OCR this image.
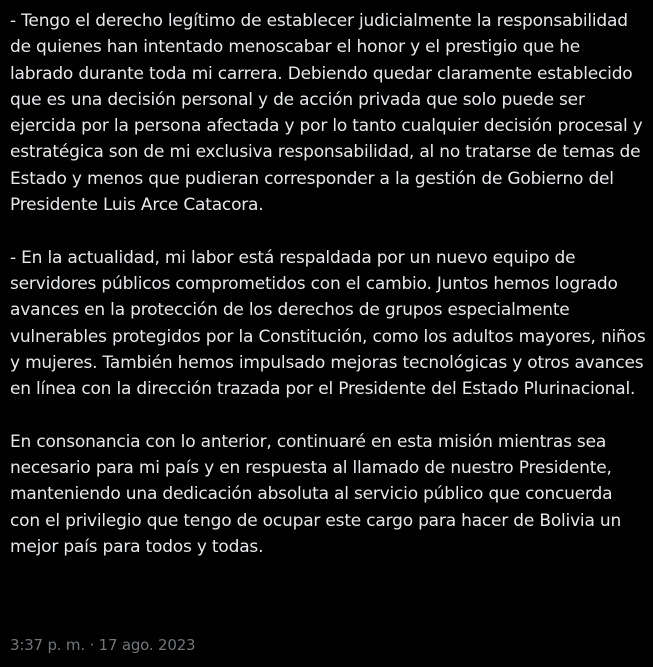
- Tengo el derecho legítimo de establecer judicialmente la responsabilidad de quienes han intentado menoscabar el honor y el prestigio que he labrado durante toda mi carrera. Debiendo quedar claramente establecido que es una decisión personal y de acción privada que solo puede ser ejercida por la persona afectada y por lo tanto cualquier decisión procesal y estratégica son de mi exclusiva responsabilidad, al no tratarse de temas de Estado y menos que pudieran corresponder a la gestión de Gobierno del Presidente Luis Arce Catacora.

- En la actualidad, mi labor está respaldada por un nuevo equipo de servidores públicos comprometidos con el cambio. Juntos hemos logrado avances en la protección de los derechos de grupos especialmente vulnerables protegidos por la Constitución, como los adultos mayores, niños y mujeres. También hemos impulsado mejoras tecnológicas y otros avances en línea con la dirección trazada por el Presidente del Estado Plurinacional.

En consonancia con lo anterior, continuaré en esta misión mientras sea necesario para mi país y en respuesta al llamado de nuestro Presidente, manteniendo una dedicación absoluta al servicio público que concuerda con el privilegio que tengo de ocupar este cargo para hacer de Bolivia un mejor país para todos y todas.

3:37 p. m. · 17 ago. 2023
